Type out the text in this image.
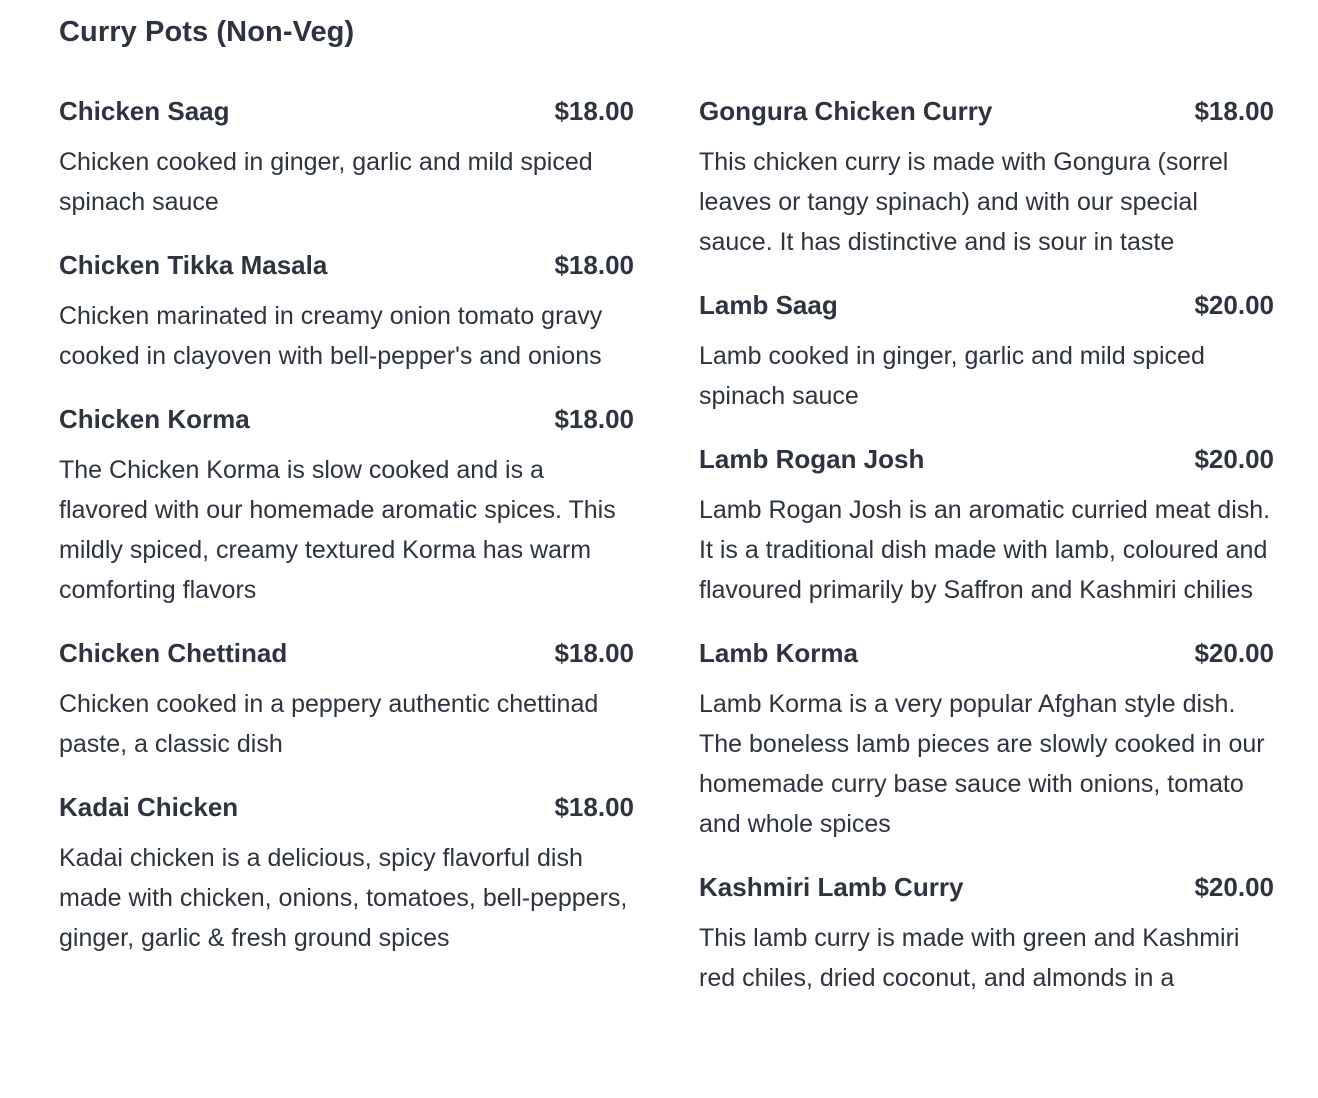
Curry Pots (Non-Veg)
Chicken Saag	$18.00

Chicken cooked in ginger, garlic and mild spiced spinach sauce

Chicken Tikka Masala	$18.00

Chicken marinated in creamy onion tomato gravy cooked in clayoven with bell-pepper's and onions

Chicken Korma	$18.00

The Chicken Korma is slow cooked and is a flavored with our homemade aromatic spices. This mildly spiced, creamy textured Korma has warm comforting flavors

Chicken Chettinad	$18.00

Chicken cooked in a peppery authentic chettinad paste, a classic dish

Kadai Chicken	$18.00

Kadai chicken is a delicious, spicy flavorful dish made with chicken, onions, tomatoes, bell-peppers, ginger, garlic & fresh ground spices

Gongura Chicken Curry	$18.00

This chicken curry is made with Gongura (sorrel leaves or tangy spinach) and with our special sauce. It has distinctive and is sour in taste

Lamb Saag	$20.00

Lamb cooked in ginger, garlic and mild spiced spinach sauce

Lamb Rogan Josh	$20.00

Lamb Rogan Josh is an aromatic curried meat dish. It is a traditional dish made with lamb, coloured and flavoured primarily by Saffron and Kashmiri chilies

Lamb Korma	$20.00

Lamb Korma is a very popular Afghan style dish. The boneless lamb pieces are slowly cooked in our homemade curry base sauce with onions, tomato and whole spices

Kashmiri Lamb Curry	$20.00

This lamb curry is made with green and Kashmiri red chiles, dried coconut, and almonds in a
